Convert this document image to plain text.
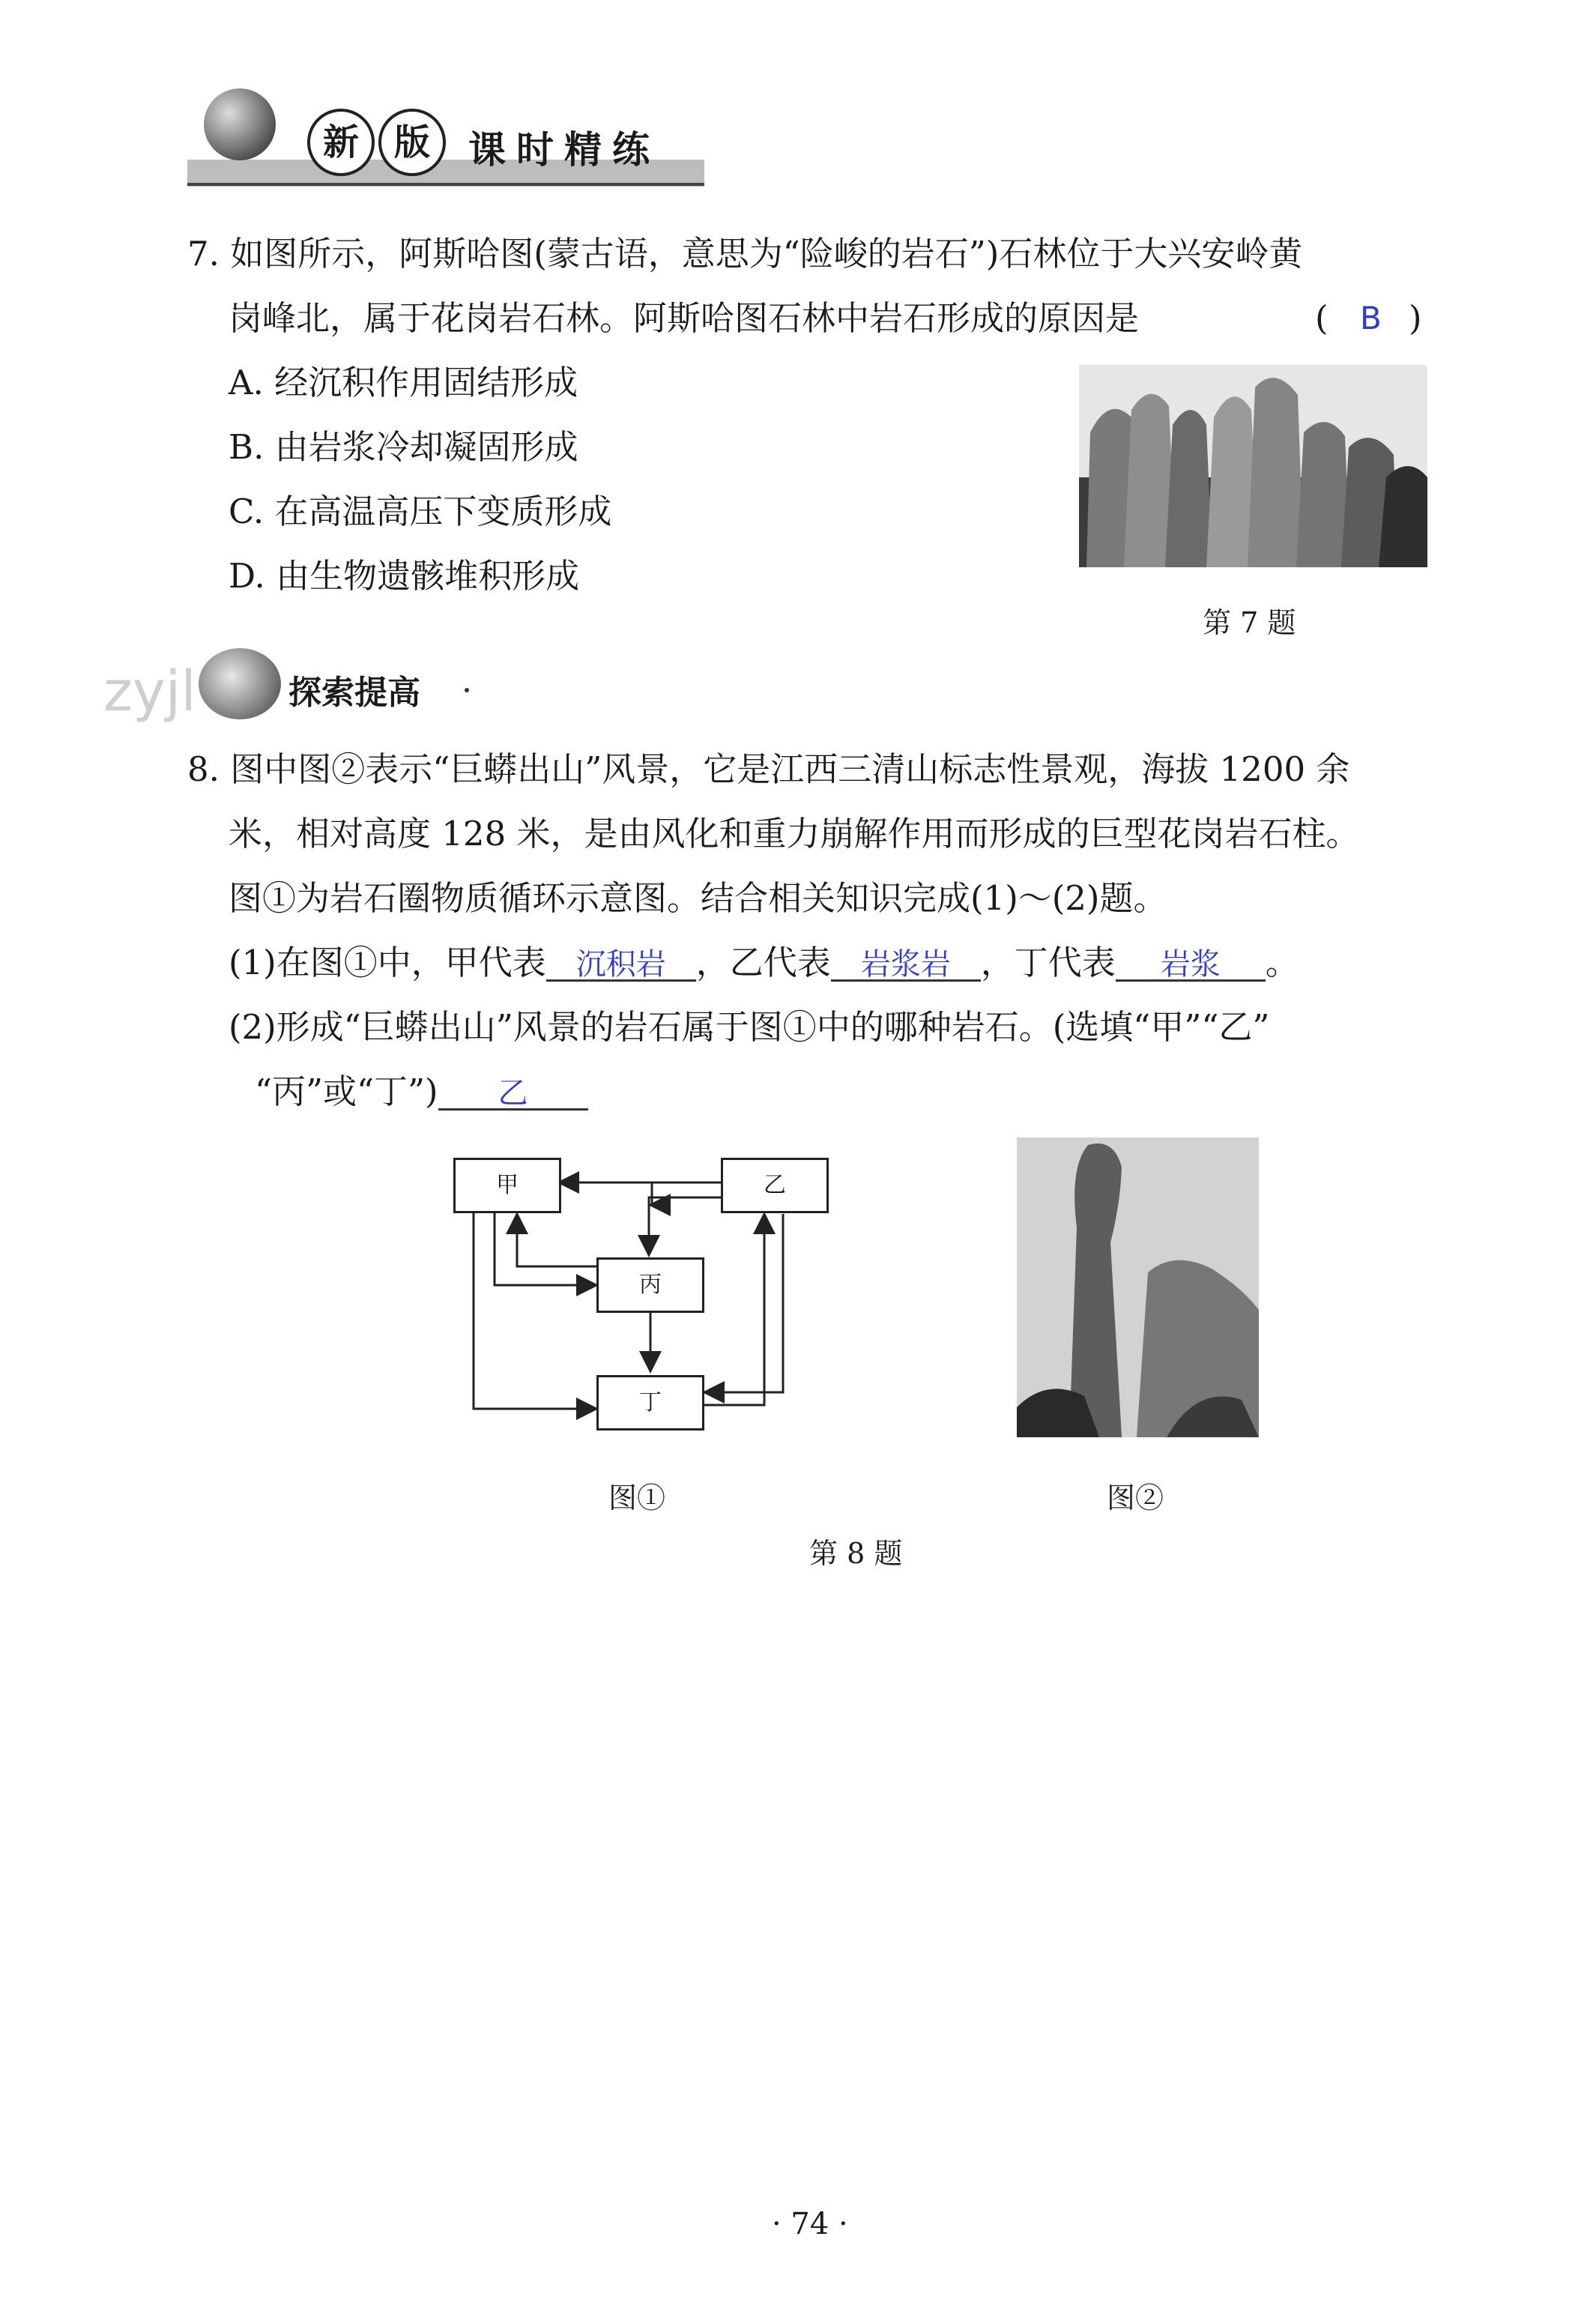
新 版	课时精练
7. 如图所示，阿斯哈图(蒙古语，意思为“险峻的岩石”)石林位于大兴安岭黄
岗峰北，属于花岗岩石林。阿斯哈图石林中岩石形成的原因是	( B )
A. 经沉积作用固结形成
B. 由岩浆冷却凝固形成
C. 在高温高压下变质形成
D. 由生物遗骸堆积形成
第 7 题
zyjl	探索提高
8. 图中图②表示“巨蟒出山”风景，它是江西三清山标志性景观，海拔 1200 余
米，相对高度 128 米，是由风化和重力崩解作用而形成的巨型花岗岩石柱。
图①为岩石圈物质循环示意图。结合相关知识完成(1)～(2)题。
(1)在图①中，甲代表 沉积岩 ，乙代表 岩浆岩 ，丁代表 岩浆 。
(2)形成“巨蟒出山”风景的岩石属于图①中的哪种岩石。(选填“甲”“乙”
“丙”或“丁”) 乙
甲	乙
丙
丁
图①	图②
第 8 题
· 74 ·
